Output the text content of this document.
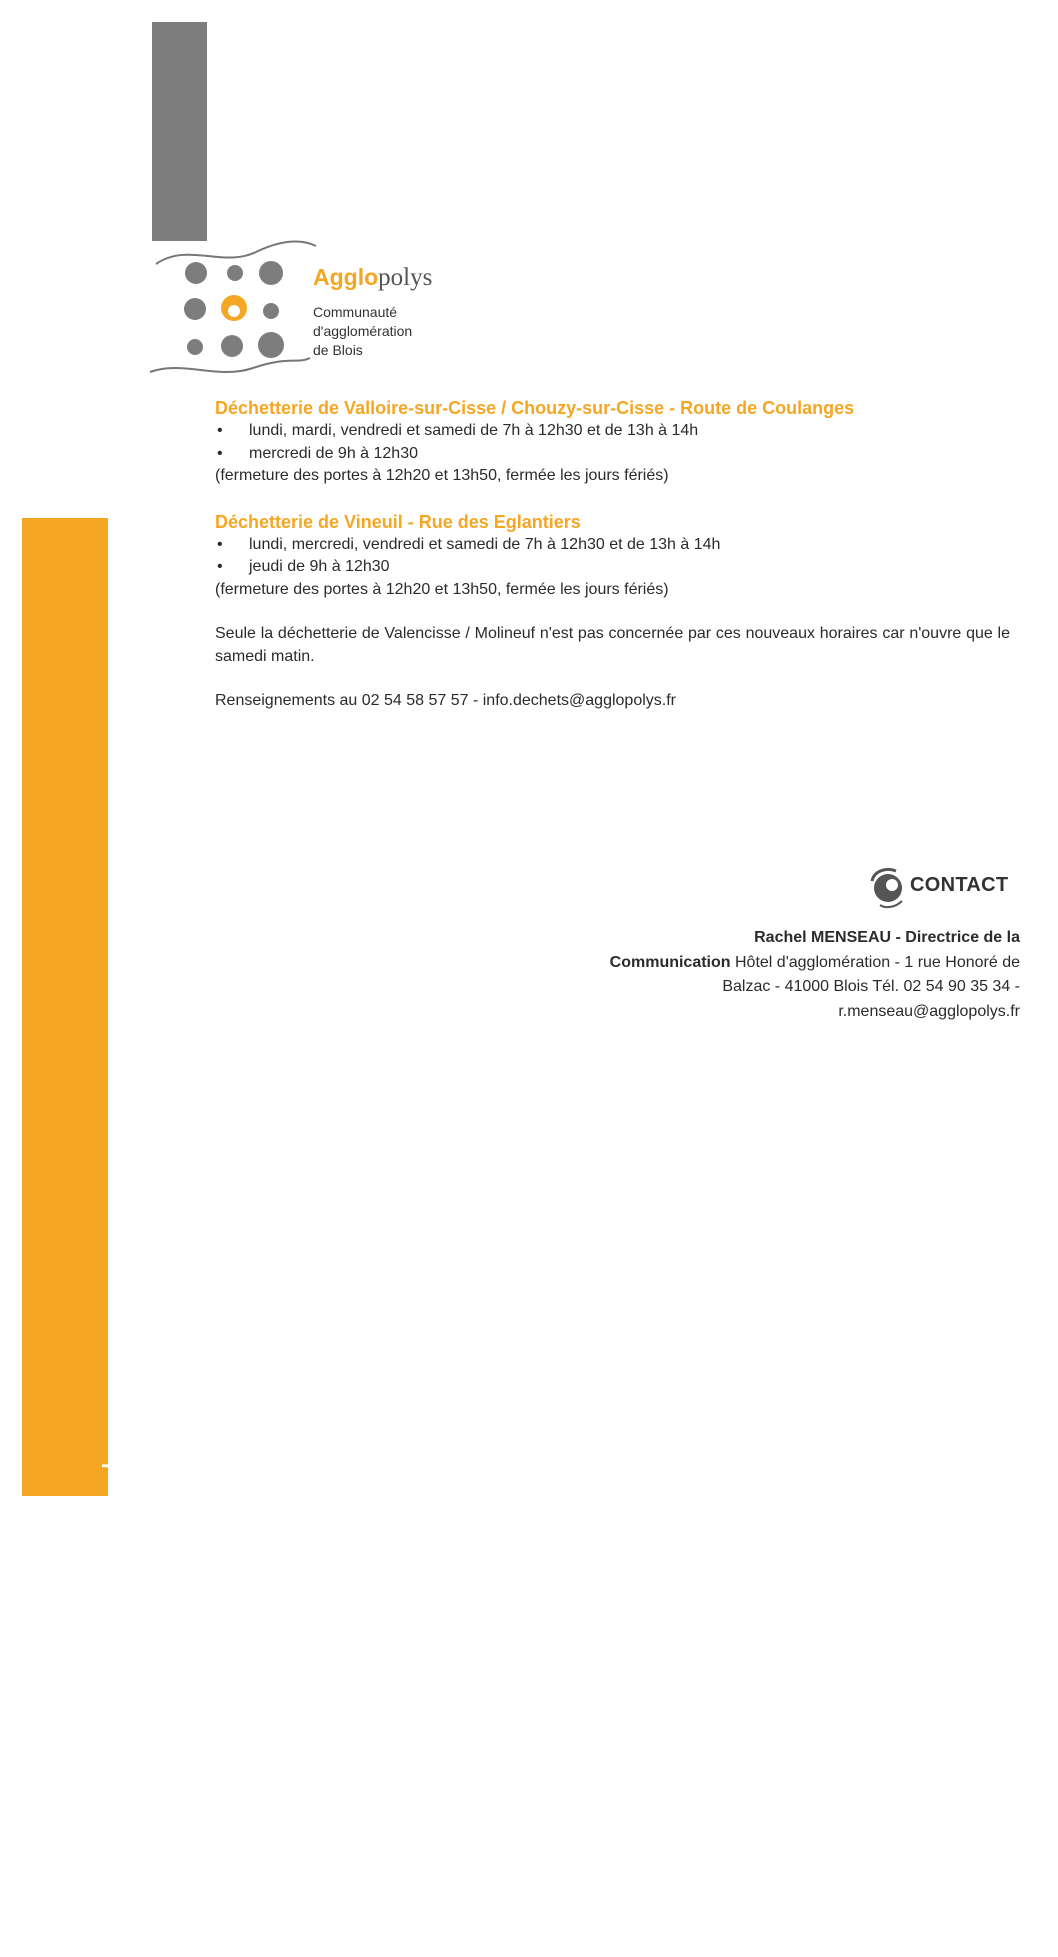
Communiqué de presse
Agglopolys
Communauté
d'agglomération
de Blois
Déchetterie de Valloire-sur-Cisse / Chouzy-sur-Cisse - Route de Coulanges
• lundi, mardi, vendredi et samedi de 7h à 12h30 et de 13h à 14h
• mercredi de 9h à 12h30
(fermeture des portes à 12h20 et 13h50, fermée les jours fériés)
Déchetterie de Vineuil - Rue des Eglantiers
• lundi, mercredi, vendredi et samedi de 7h à 12h30 et de 13h à 14h
• jeudi de 9h à 12h30
(fermeture des portes à 12h20 et 13h50, fermée les jours fériés)

Seule la déchetterie de Valencisse / Molineuf n'est pas concernée par ces nouveaux horaires car n'ouvre que le samedi matin.

Renseignements au 02 54 58 57 57 - info.dechets@agglopolys.fr
CONTACT
Rachel MENSEAU - Directrice de la
Communication Hôtel d'agglomération - 1 rue Honoré de
Balzac - 41000 Blois Tél. 02 54 90 35 34 -
r.menseau@agglopolys.fr
